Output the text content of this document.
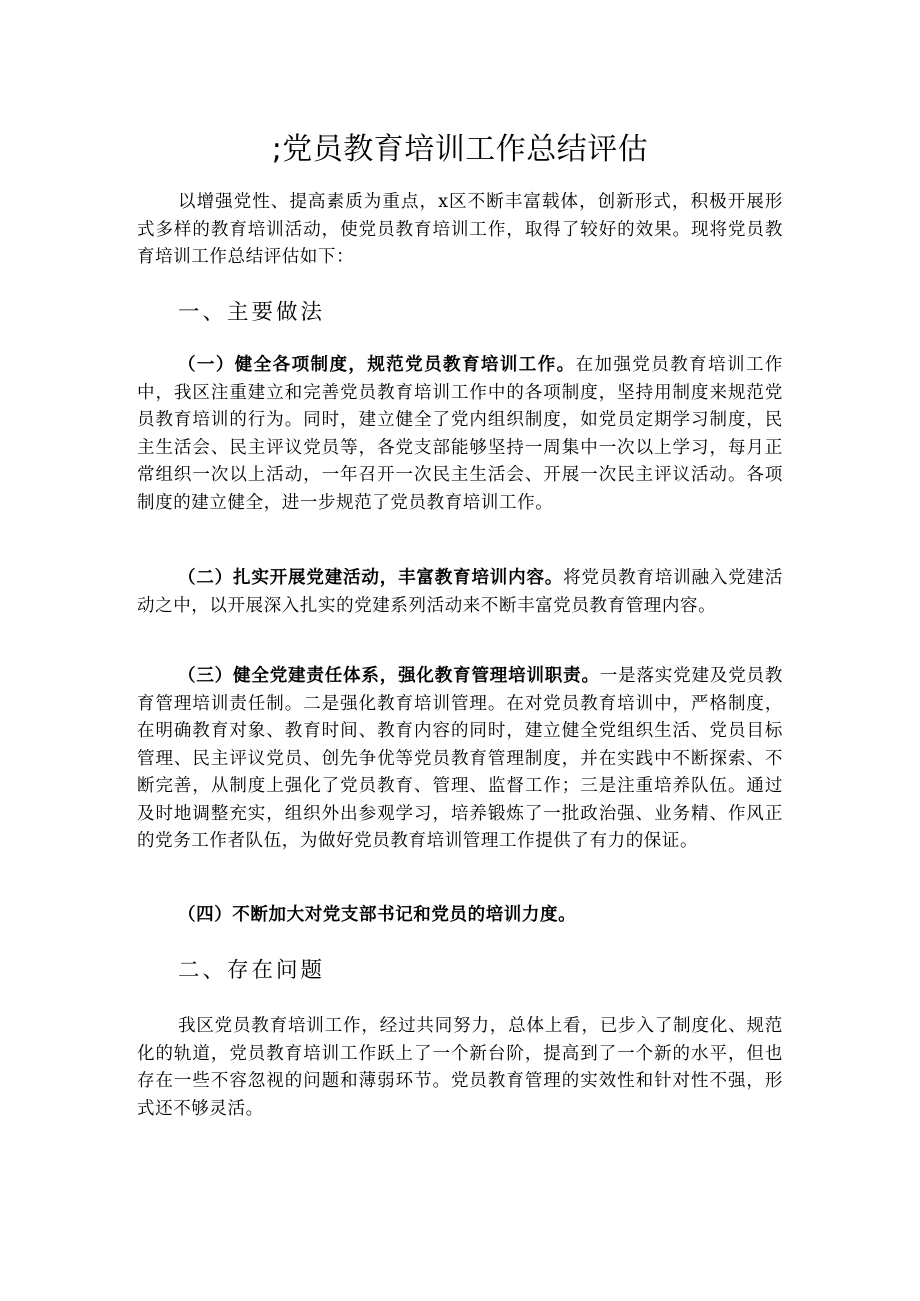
;党员教育培训工作总结评估

以增强党性、提高素质为重点，x区不断丰富载体，创新形式，积极开展形式多样的教育培训活动，使党员教育培训工作，取得了较好的效果。现将党员教育培训工作总结评估如下：

一、主要做法

（一）健全各项制度，规范党员教育培训工作。在加强党员教育培训工作中，我区注重建立和完善党员教育培训工作中的各项制度，坚持用制度来规范党员教育培训的行为。同时，建立健全了党内组织制度，如党员定期学习制度，民主生活会、民主评议党员等，各党支部能够坚持一周集中一次以上学习，每月正常组织一次以上活动，一年召开一次民主生活会、开展一次民主评议活动。各项制度的建立健全，进一步规范了党员教育培训工作。

（二）扎实开展党建活动，丰富教育培训内容。将党员教育培训融入党建活动之中，以开展深入扎实的党建系列活动来不断丰富党员教育管理内容。

（三）健全党建责任体系，强化教育管理培训职责。一是落实党建及党员教育管理培训责任制。二是强化教育培训管理。在对党员教育培训中，严格制度，在明确教育对象、教育时间、教育内容的同时，建立健全党组织生活、党员目标管理、民主评议党员、创先争优等党员教育管理制度，并在实践中不断探索、不断完善，从制度上强化了党员教育、管理、监督工作；三是注重培养队伍。通过及时地调整充实，组织外出参观学习，培养锻炼了一批政治强、业务精、作风正的党务工作者队伍，为做好党员教育培训管理工作提供了有力的保证。

（四）不断加大对党支部书记和党员的培训力度。

二、存在问题

我区党员教育培训工作，经过共同努力，总体上看，已步入了制度化、规范化的轨道，党员教育培训工作跃上了一个新台阶，提高到了一个新的水平，但也存在一些不容忽视的问题和薄弱环节。党员教育管理的实效性和针对性不强，形式还不够灵活。
